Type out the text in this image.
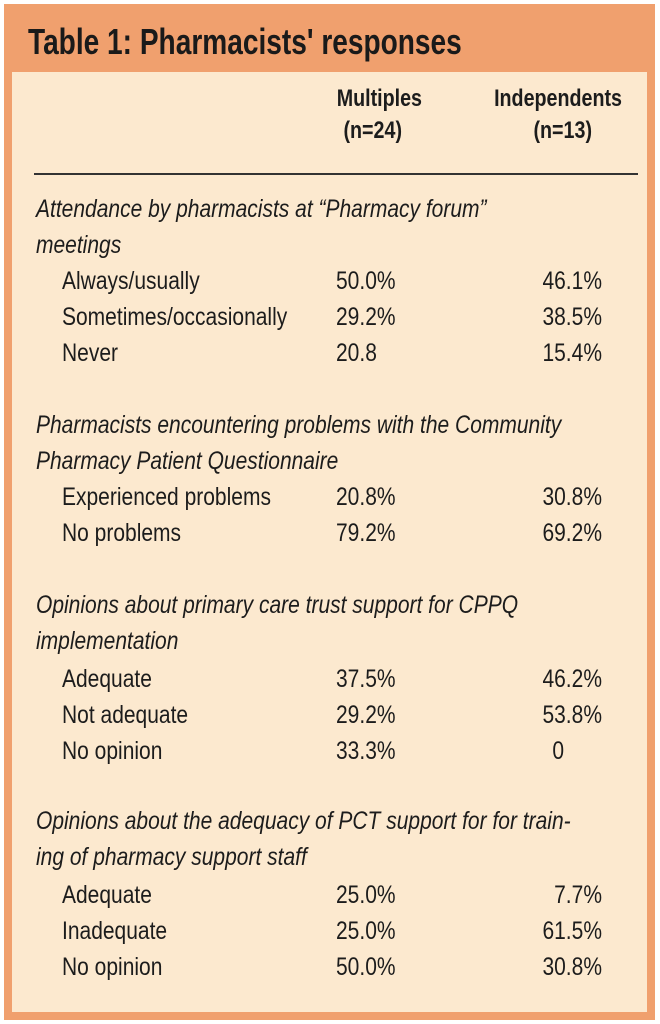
Table 1: Pharmacists' responses
Multiples
(n=24)
Independents
(n=13)
Attendance by pharmacists at “Pharmacy forum”
meetings
Always/usually	50.0%	46.1%
Sometimes/occasionally 29.2%	38.5%
Never	20.8	15.4%
Pharmacists encountering problems with the Community
Pharmacy Patient Questionnaire
Experienced problems	20.8%	30.8%
No problems	79.2%	69.2%
Opinions about primary care trust support for CPPQ
implementation
Adequate	37.5%	46.2%
Not adequate	29.2%	53.8%
No opinion	33.3%	0
Opinions about the adequacy of PCT support for for train-
ing of pharmacy support staff
Adequate	25.0%	7.7%
Inadequate	25.0%	61.5%
No opinion	50.0%	30.8%
